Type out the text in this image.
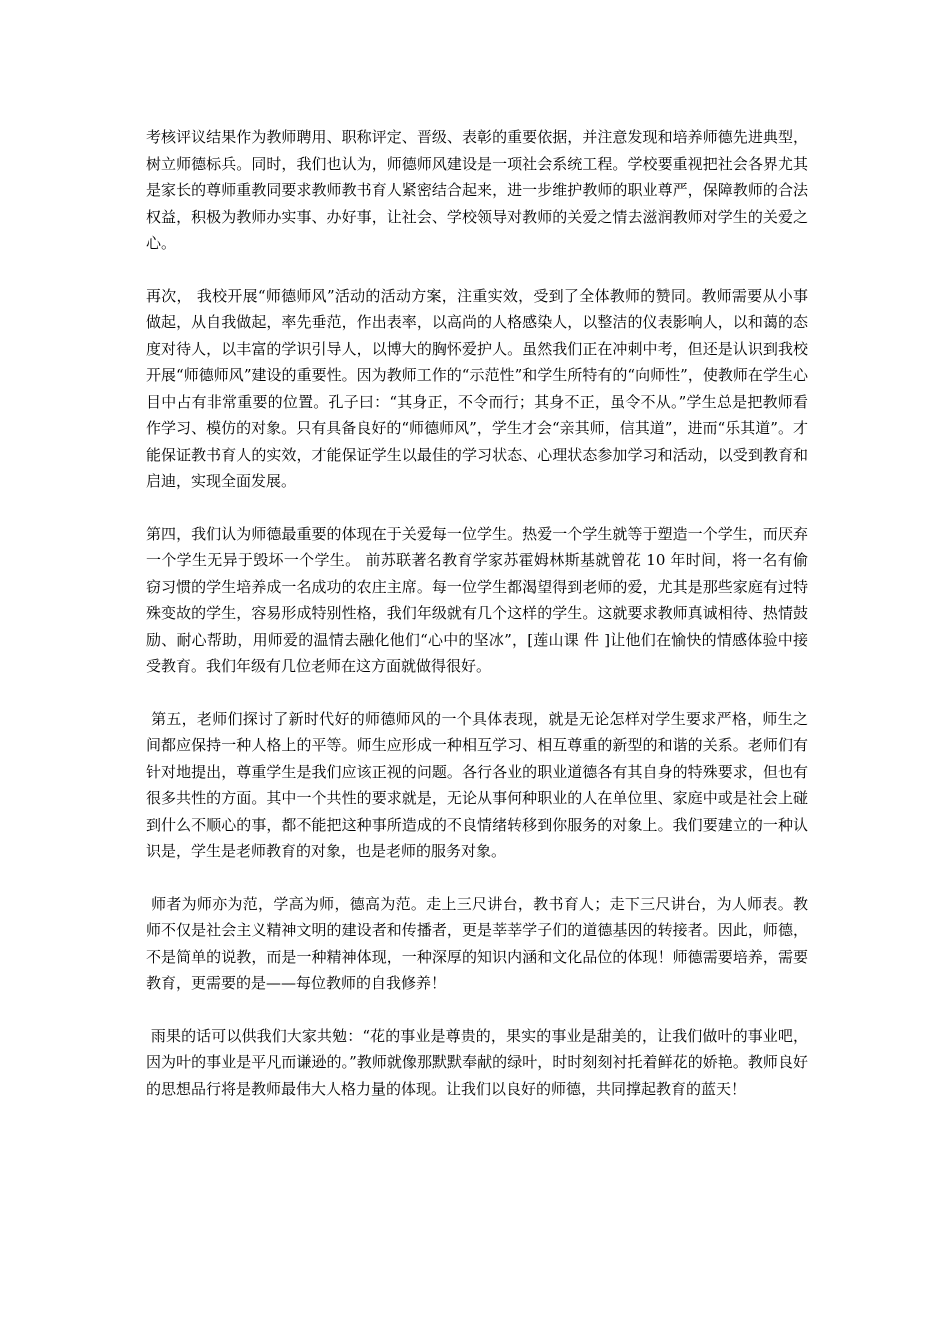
考核评议结果作为教师聘用、职称评定、晋级、表彰的重要依据，并注意发现和培养师德先进典型，树立师德标兵。同时，我们也认为，师德师风建设是一项社会系统工程。学校要重视把社会各界尤其是家长的尊师重教同要求教师教书育人紧密结合起来，进一步维护教师的职业尊严，保障教师的合法权益，积极为教师办实事、办好事，让社会、学校领导对教师的关爱之情去滋润教师对学生的关爱之心。

再次， 我校开展“师德师风”活动的活动方案，注重实效，受到了全体教师的赞同。教师需要从小事做起，从自我做起，率先垂范，作出表率，以高尚的人格感染人，以整洁的仪表影响人，以和蔼的态度对待人，以丰富的学识引导人，以博大的胸怀爱护人。虽然我们正在冲刺中考，但还是认识到我校开展“师德师风”建设的重要性。因为教师工作的“示范性”和学生所特有的“向师性”，使教师在学生心目中占有非常重要的位置。孔子曰：“其身正，不令而行；其身不正，虽令不从。”学生总是把教师看作学习、模仿的对象。只有具备良好的“师德师风”，学生才会“亲其师，信其道”，进而“乐其道”。才能保证教书育人的实效，才能保证学生以最佳的学习状态、心理状态参加学习和活动，以受到教育和启迪，实现全面发展。

第四，我们认为师德最重要的体现在于关爱每一位学生。热爱一个学生就等于塑造一个学生，而厌弃一个学生无异于毁坏一个学生。 前苏联著名教育学家苏霍姆林斯基就曾花 10 年时间，将一名有偷窃习惯的学生培养成一名成功的农庄主席。每一位学生都渴望得到老师的爱，尤其是那些家庭有过特殊变故的学生，容易形成特别性格，我们年级就有几个这样的学生。这就要求教师真诚相待、热情鼓励、耐心帮助，用师爱的温情去融化他们“心中的坚冰”，[莲山课 件 ]让他们在愉快的情感体验中接受教育。我们年级有几位老师在这方面就做得很好。

第五，老师们探讨了新时代好的师德师风的一个具体表现，就是无论怎样对学生要求严格，师生之间都应保持一种人格上的平等。师生应形成一种相互学习、相互尊重的新型的和谐的关系。老师们有针对地提出，尊重学生是我们应该正视的问题。各行各业的职业道德各有其自身的特殊要求，但也有很多共性的方面。其中一个共性的要求就是，无论从事何种职业的人在单位里、家庭中或是社会上碰到什么不顺心的事，都不能把这种事所造成的不良情绪转移到你服务的对象上。我们要建立的一种认识是，学生是老师教育的对象，也是老师的服务对象。

师者为师亦为范，学高为师，德高为范。走上三尺讲台，教书育人；走下三尺讲台，为人师表。教师不仅是社会主义精神文明的建设者和传播者，更是莘莘学子们的道德基因的转接者。因此，师德，不是简单的说教，而是一种精神体现，一种深厚的知识内涵和文化品位的体现！师德需要培养，需要教育，更需要的是——每位教师的自我修养！

雨果的话可以供我们大家共勉：“花的事业是尊贵的，果实的事业是甜美的，让我们做叶的事业吧，因为叶的事业是平凡而谦逊的。”教师就像那默默奉献的绿叶，时时刻刻衬托着鲜花的娇艳。教师良好的思想品行将是教师最伟大人格力量的体现。让我们以良好的师德，共同撑起教育的蓝天！
